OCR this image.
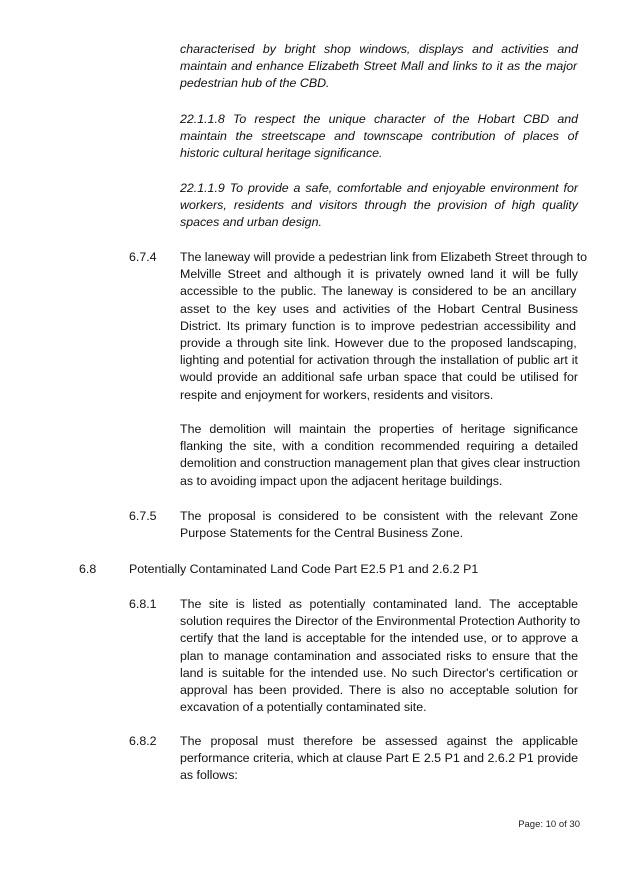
characterised by bright shop windows, displays and activities and
maintain and enhance Elizabeth Street Mall and links to it as the major
pedestrian hub of the CBD.
22.1.1.8 To respect the unique character of the Hobart CBD and
maintain the streetscape and townscape contribution of places of
historic cultural heritage significance.
22.1.1.9 To provide a safe, comfortable and enjoyable environment for
workers, residents and visitors through the provision of high quality
spaces and urban design.
6.7.4 The laneway will provide a pedestrian link from Elizabeth Street through to
Melville Street and although it is privately owned land it will be fully
accessible to the public. The laneway is considered to be an ancillary
asset to the key uses and activities of the Hobart Central Business
District. Its primary function is to improve pedestrian accessibility and
provide a through site link. However due to the proposed landscaping,
lighting and potential for activation through the installation of public art it
would provide an additional safe urban space that could be utilised for
respite and enjoyment for workers, residents and visitors.
The demolition will maintain the properties of heritage significance
flanking the site, with a condition recommended requiring a detailed
demolition and construction management plan that gives clear instruction
as to avoiding impact upon the adjacent heritage buildings.
6.7.5 The proposal is considered to be consistent with the relevant Zone
Purpose Statements for the Central Business Zone.
6.8	Potentially Contaminated Land Code Part E2.5 P1 and 2.6.2 P1
6.8.1 The site is listed as potentially contaminated land. The acceptable
solution requires the Director of the Environmental Protection Authority to
certify that the land is acceptable for the intended use, or to approve a
plan to manage contamination and associated risks to ensure that the
land is suitable for the intended use. No such Director's certification or
approval has been provided. There is also no acceptable solution for
excavation of a potentially contaminated site.
6.8.2 The proposal must therefore be assessed against the applicable
performance criteria, which at clause Part E 2.5 P1 and 2.6.2 P1 provide
as follows:
Page: 10 of 30
